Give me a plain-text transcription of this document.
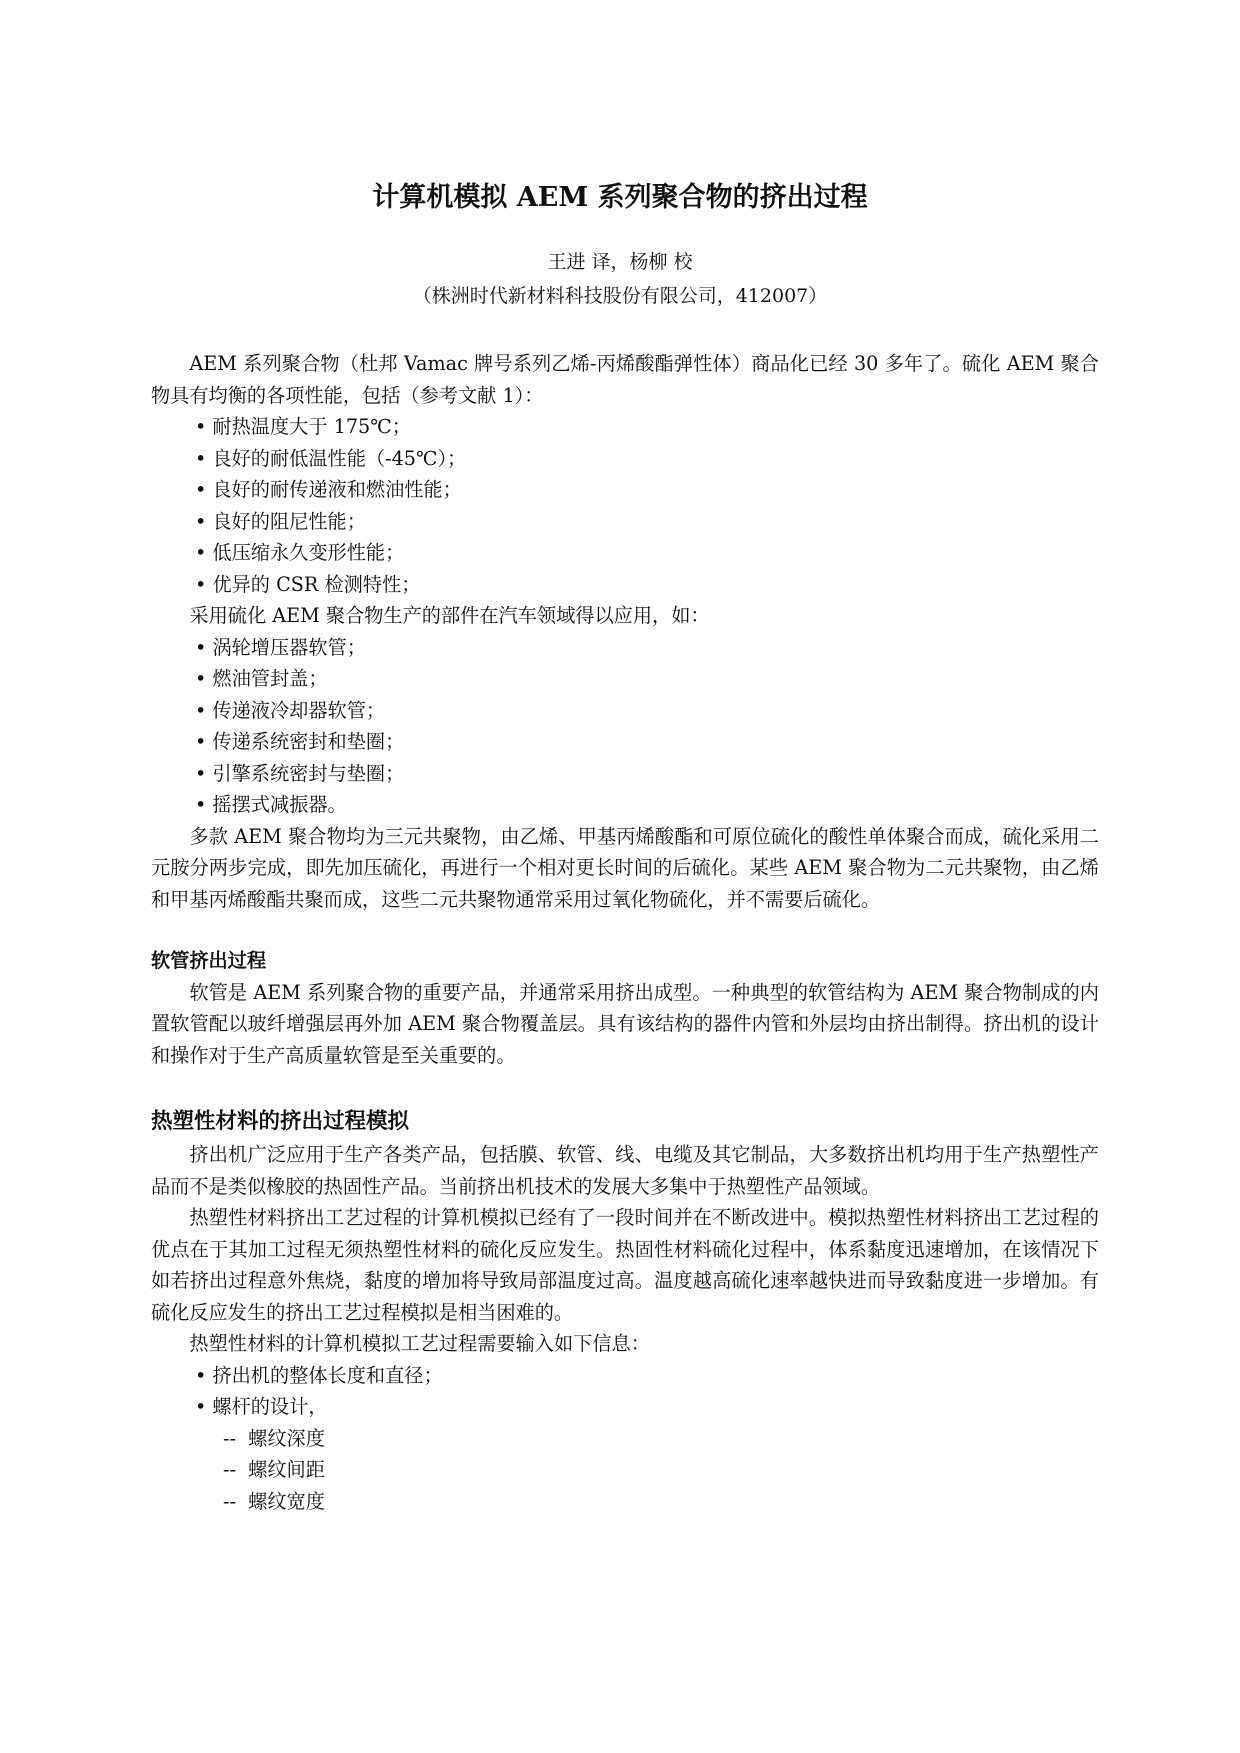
计算机模拟 AEM 系列聚合物的挤出过程
王进 译，杨柳 校
（株洲时代新材料科技股份有限公司，412007）

AEM 系列聚合物（杜邦 Vamac 牌号系列乙烯-丙烯酸酯弹性体）商品化已经 30 多年了。硫化 AEM 聚合物具有均衡的各项性能，包括（参考文献 1）：

• 耐热温度大于 175℃；

• 良好的耐低温性能（-45℃）；

• 良好的耐传递液和燃油性能；

• 良好的阻尼性能；

• 低压缩永久变形性能；

• 优异的 CSR 检测特性；

采用硫化 AEM 聚合物生产的部件在汽车领域得以应用，如：

• 涡轮增压器软管；

• 燃油管封盖；

• 传递液冷却器软管；

• 传递系统密封和垫圈；

• 引擎系统密封与垫圈；

• 摇摆式减振器。

多款 AEM 聚合物均为三元共聚物，由乙烯、甲基丙烯酸酯和可原位硫化的酸性单体聚合而成，硫化采用二元胺分两步完成，即先加压硫化，再进行一个相对更长时间的后硫化。某些 AEM 聚合物为二元共聚物，由乙烯和甲基丙烯酸酯共聚而成，这些二元共聚物通常采用过氧化物硫化，并不需要后硫化。

软管挤出过程

软管是 AEM 系列聚合物的重要产品，并通常采用挤出成型。一种典型的软管结构为 AEM 聚合物制成的内置软管配以玻纤增强层再外加 AEM 聚合物覆盖层。具有该结构的器件内管和外层均由挤出制得。挤出机的设计和操作对于生产高质量软管是至关重要的。

热塑性材料的挤出过程模拟

挤出机广泛应用于生产各类产品，包括膜、软管、线、电缆及其它制品，大多数挤出机均用于生产热塑性产品而不是类似橡胶的热固性产品。当前挤出机技术的发展大多集中于热塑性产品领域。

热塑性材料挤出工艺过程的计算机模拟已经有了一段时间并在不断改进中。模拟热塑性材料挤出工艺过程的优点在于其加工过程无须热塑性材料的硫化反应发生。热固性材料硫化过程中，体系黏度迅速增加，在该情况下如若挤出过程意外焦烧，黏度的增加将导致局部温度过高。温度越高硫化速率越快进而导致黏度进一步增加。有硫化反应发生的挤出工艺过程模拟是相当困难的。

热塑性材料的计算机模拟工艺过程需要输入如下信息：

• 挤出机的整体长度和直径；

• 螺杆的设计，

--  螺纹深度

--  螺纹间距

--  螺纹宽度
